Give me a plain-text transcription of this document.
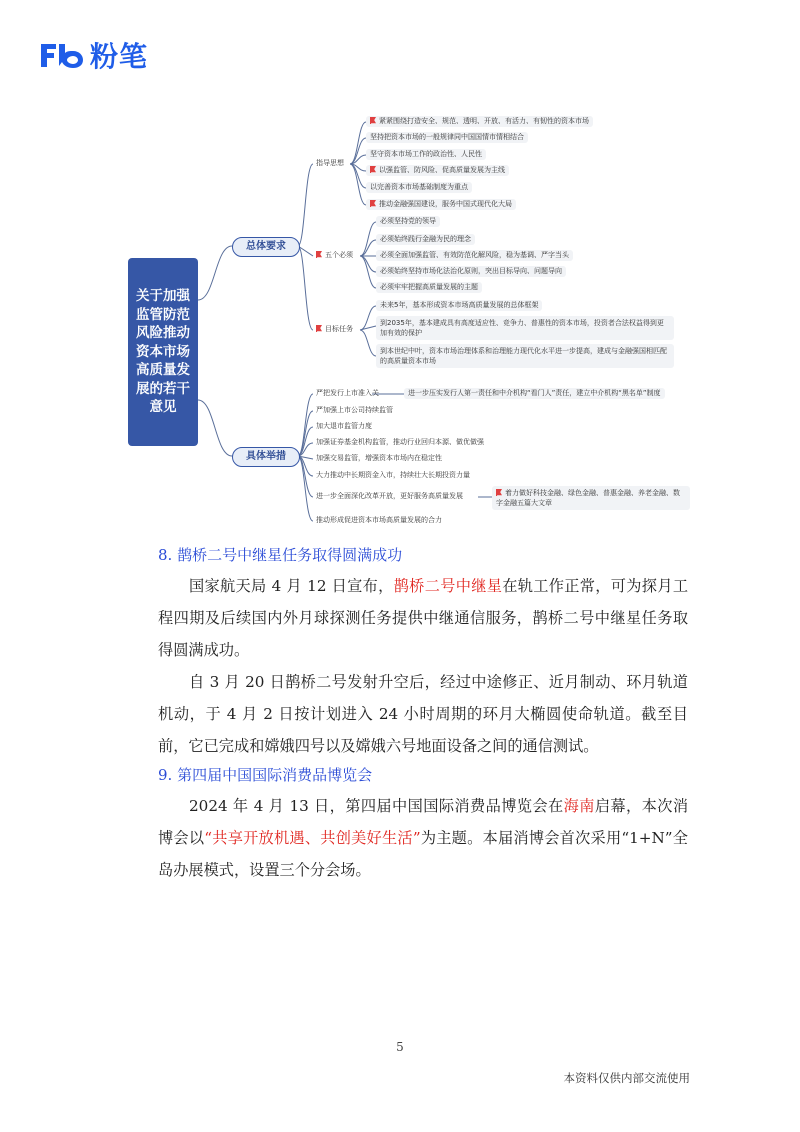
粉笔
关于加强监管防范风险推动资本市场高质量发展的若干意见
总体要求
具体举措
指导思想
紧紧围绕打造安全、规范、透明、开放、有活力、有韧性的资本市场
坚持把资本市场的一般规律同中国国情市情相结合
坚守资本市场工作的政治性、人民性
以强监管、防风险、促高质量发展为主线
以完善资本市场基础制度为重点
推动金融强国建设，服务中国式现代化大局
五个必须
必须坚持党的领导
必须始终践行金融为民的理念
必须全面加强监管、有效防范化解风险，稳为基调、严字当头
必须始终坚持市场化法治化原则，突出目标导向、问题导向
必须牢牢把握高质量发展的主题
目标任务
未来5年，基本形成资本市场高质量发展的总体框架
到2035年，基本建成具有高度适应性、竞争力、普惠性的资本市场，投资者合法权益得到更加有效的保护
到本世纪中叶，资本市场治理体系和治理能力现代化水平进一步提高，建成与金融强国相匹配的高质量资本市场
严把发行上市准入关	进一步压实发行人第一责任和中介机构“看门人”责任，建立中介机构“黑名单”制度
严加强上市公司持续监管
加大退市监管力度
加强证券基金机构监管，推动行业回归本源、做优做强
加强交易监管，增强资本市场内在稳定性
大力推动中长期资金入市，持续壮大长期投资力量
进一步全面深化改革开放，更好服务高质量发展	着力做好科技金融、绿色金融、普惠金融、养老金融、数字金融五篇大文章
推动形成促进资本市场高质量发展的合力
8. 鹊桥二号中继星任务取得圆满成功
国家航天局 4 月 12 日宣布，鹊桥二号中继星在轨工作正常，可为探月工程四期及后续国内外月球探测任务提供中继通信服务，鹊桥二号中继星任务取得圆满成功。
自 3 月 20 日鹊桥二号发射升空后，经过中途修正、近月制动、环月轨道机动，于 4 月 2 日按计划进入 24 小时周期的环月大椭圆使命轨道。截至目前，它已完成和嫦娥四号以及嫦娥六号地面设备之间的通信测试。
9. 第四届中国国际消费品博览会
2024 年 4 月 13 日，第四届中国国际消费品博览会在海南启幕，本次消博会以“共享开放机遇、共创美好生活”为主题。本届消博会首次采用“1+N”全岛办展模式，设置三个分会场。
5
本资料仅供内部交流使用
